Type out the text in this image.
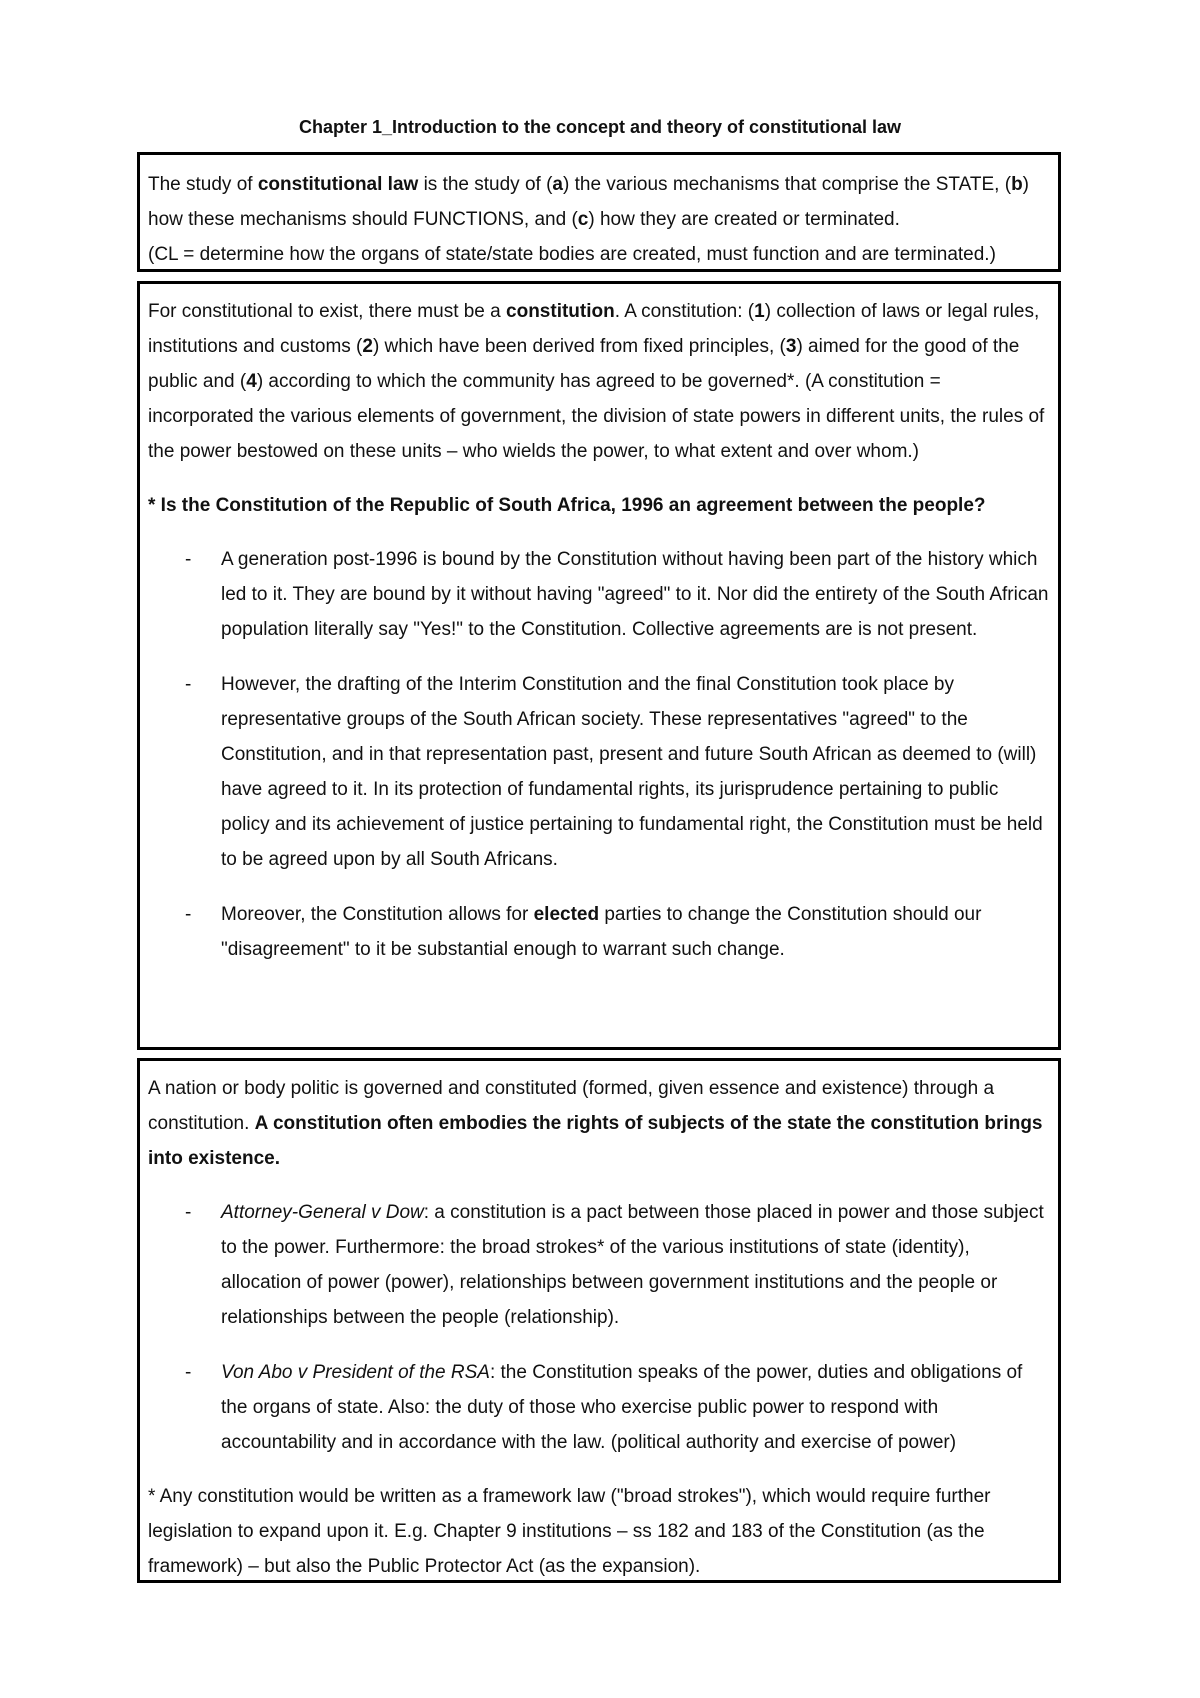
Chapter 1_Introduction to the concept and theory of constitutional law

The study of constitutional law is the study of (a) the various mechanisms that comprise the STATE, (b) how these mechanisms should FUNCTIONS, and (c) how they are created or terminated.
(CL = determine how the organs of state/state bodies are created, must function and are terminated.)

For constitutional to exist, there must be a constitution. A constitution: (1) collection of laws or legal rules, institutions and customs (2) which have been derived from fixed principles, (3) aimed for the good of the public and (4) according to which the community has agreed to be governed*. (A constitution = incorporated the various elements of government, the division of state powers in different units, the rules of the power bestowed on these units – who wields the power, to what extent and over whom.)

* Is the Constitution of the Republic of South Africa, 1996 an agreement between the people?

- A generation post-1996 is bound by the Constitution without having been part of the history which led to it. They are bound by it without having "agreed" to it. Nor did the entirety of the South African population literally say "Yes!" to the Constitution. Collective agreements are is not present.
- However, the drafting of the Interim Constitution and the final Constitution took place by representative groups of the South African society. These representatives "agreed" to the Constitution, and in that representation past, present and future South African as deemed to (will) have agreed to it. In its protection of fundamental rights, its jurisprudence pertaining to public policy and its achievement of justice pertaining to fundamental right, the Constitution must be held to be agreed upon by all South Africans.
- Moreover, the Constitution allows for elected parties to change the Constitution should our "disagreement" to it be substantial enough to warrant such change.

A nation or body politic is governed and constituted (formed, given essence and existence) through a constitution. A constitution often embodies the rights of subjects of the state the constitution brings into existence.

- Attorney-General v Dow: a constitution is a pact between those placed in power and those subject to the power. Furthermore: the broad strokes* of the various institutions of state (identity), allocation of power (power), relationships between government institutions and the people or relationships between the people (relationship).
- Von Abo v President of the RSA: the Constitution speaks of the power, duties and obligations of the organs of state. Also: the duty of those who exercise public power to respond with accountability and in accordance with the law. (political authority and exercise of power)

* Any constitution would be written as a framework law ("broad strokes"), which would require further legislation to expand upon it. E.g. Chapter 9 institutions – ss 182 and 183 of the Constitution (as the framework) – but also the Public Protector Act (as the expansion).
